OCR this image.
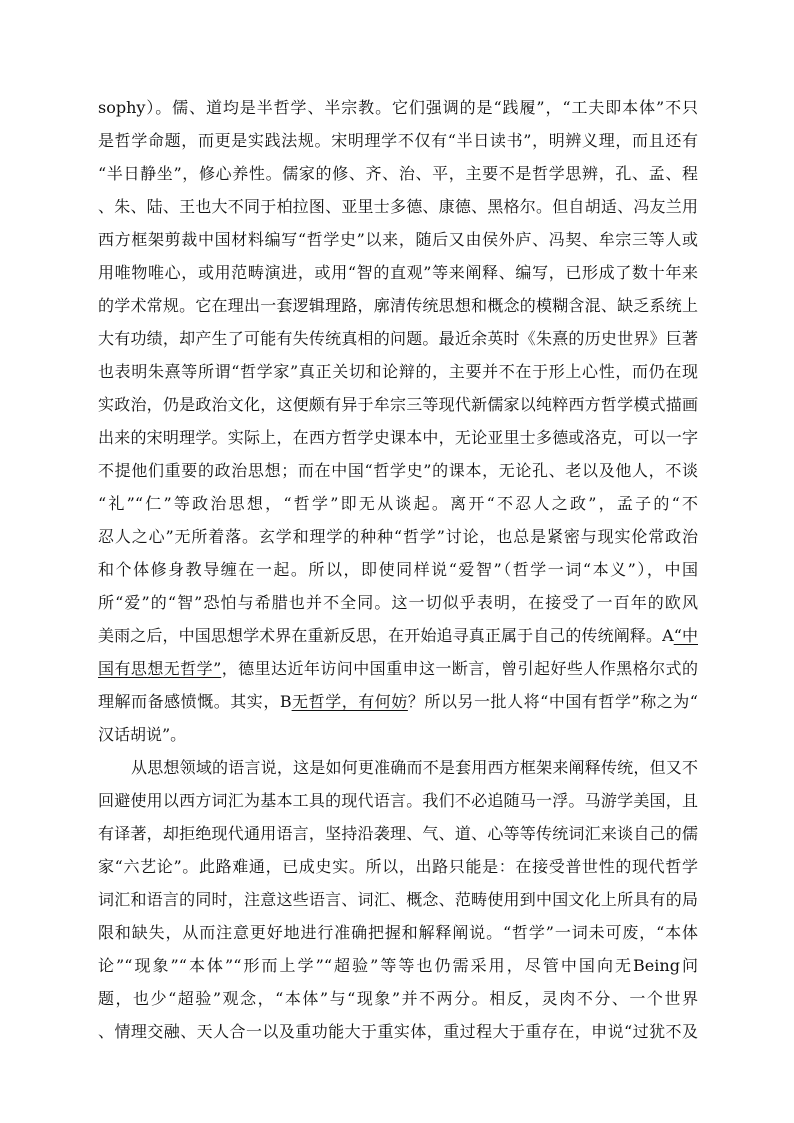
sophy）。儒、道均是半哲学、半宗教。它们强调的是“践履”，“工夫即本体”不只
是哲学命题，而更是实践法规。宋明理学不仅有“半日读书”，明辨义理，而且还有
“半日静坐”，修心养性。儒家的修、齐、治、平，主要不是哲学思辨，孔、孟、程
、朱、陆、王也大不同于柏拉图、亚里士多德、康德、黑格尔。但自胡适、冯友兰用
西方框架剪裁中国材料编写“哲学史”以来，随后又由侯外庐、冯契、牟宗三等人或
用唯物唯心，或用范畴演进，或用“智的直观”等来阐释、编写，已形成了数十年来
的学术常规。它在理出一套逻辑理路，廓清传统思想和概念的模糊含混、缺乏系统上
大有功绩，却产生了可能有失传统真相的问题。最近余英时《朱熹的历史世界》巨著
也表明朱熹等所谓“哲学家”真正关切和论辩的，主要并不在于形上心性，而仍在现
实政治，仍是政治文化，这便颇有异于牟宗三等现代新儒家以纯粹西方哲学模式描画
出来的宋明理学。实际上，在西方哲学史课本中，无论亚里士多德或洛克，可以一字
不提他们重要的政治思想；而在中国“哲学史”的课本，无论孔、老以及他人，不谈
“礼”“仁”等政治思想，“哲学”即无从谈起。离开“不忍人之政”，孟子的“不
忍人之心”无所着落。玄学和理学的种种“哲学”讨论，也总是紧密与现实伦常政治
和个体修身教导缠在一起。所以，即使同样说“爱智”（哲学一词“本义”），中国
所“爱”的“智”恐怕与希腊也并不全同。这一切似乎表明，在接受了一百年的欧风
美雨之后，中国思想学术界在重新反思，在开始追寻真正属于自己的传统阐释。A“中
国有思想无哲学”，德里达近年访问中国重申这一断言，曾引起好些人作黑格尔式的
理解而备感愤慨。其实，B无哲学，有何妨？所以另一批人将“中国有哲学”称之为“
汉话胡说”。
从思想领域的语言说，这是如何更准确而不是套用西方框架来阐释传统，但又不
回避使用以西方词汇为基本工具的现代语言。我们不必追随马一浮。马游学美国，且
有译著，却拒绝现代通用语言，坚持沿袭理、气、道、心等等传统词汇来谈自己的儒
家“六艺论”。此路难通，已成史实。所以，出路只能是：在接受普世性的现代哲学
词汇和语言的同时，注意这些语言、词汇、概念、范畴使用到中国文化上所具有的局
限和缺失，从而注意更好地进行准确把握和解释阐说。“哲学”一词未可废，“本体
论”“现象”“本体”“形而上学”“超验”等等也仍需采用，尽管中国向无Being问
题，也少“超验”观念，“本体”与“现象”并不两分。相反，灵肉不分、一个世界
、情理交融、天人合一以及重功能大于重实体，重过程大于重存在，申说“过犹不及
